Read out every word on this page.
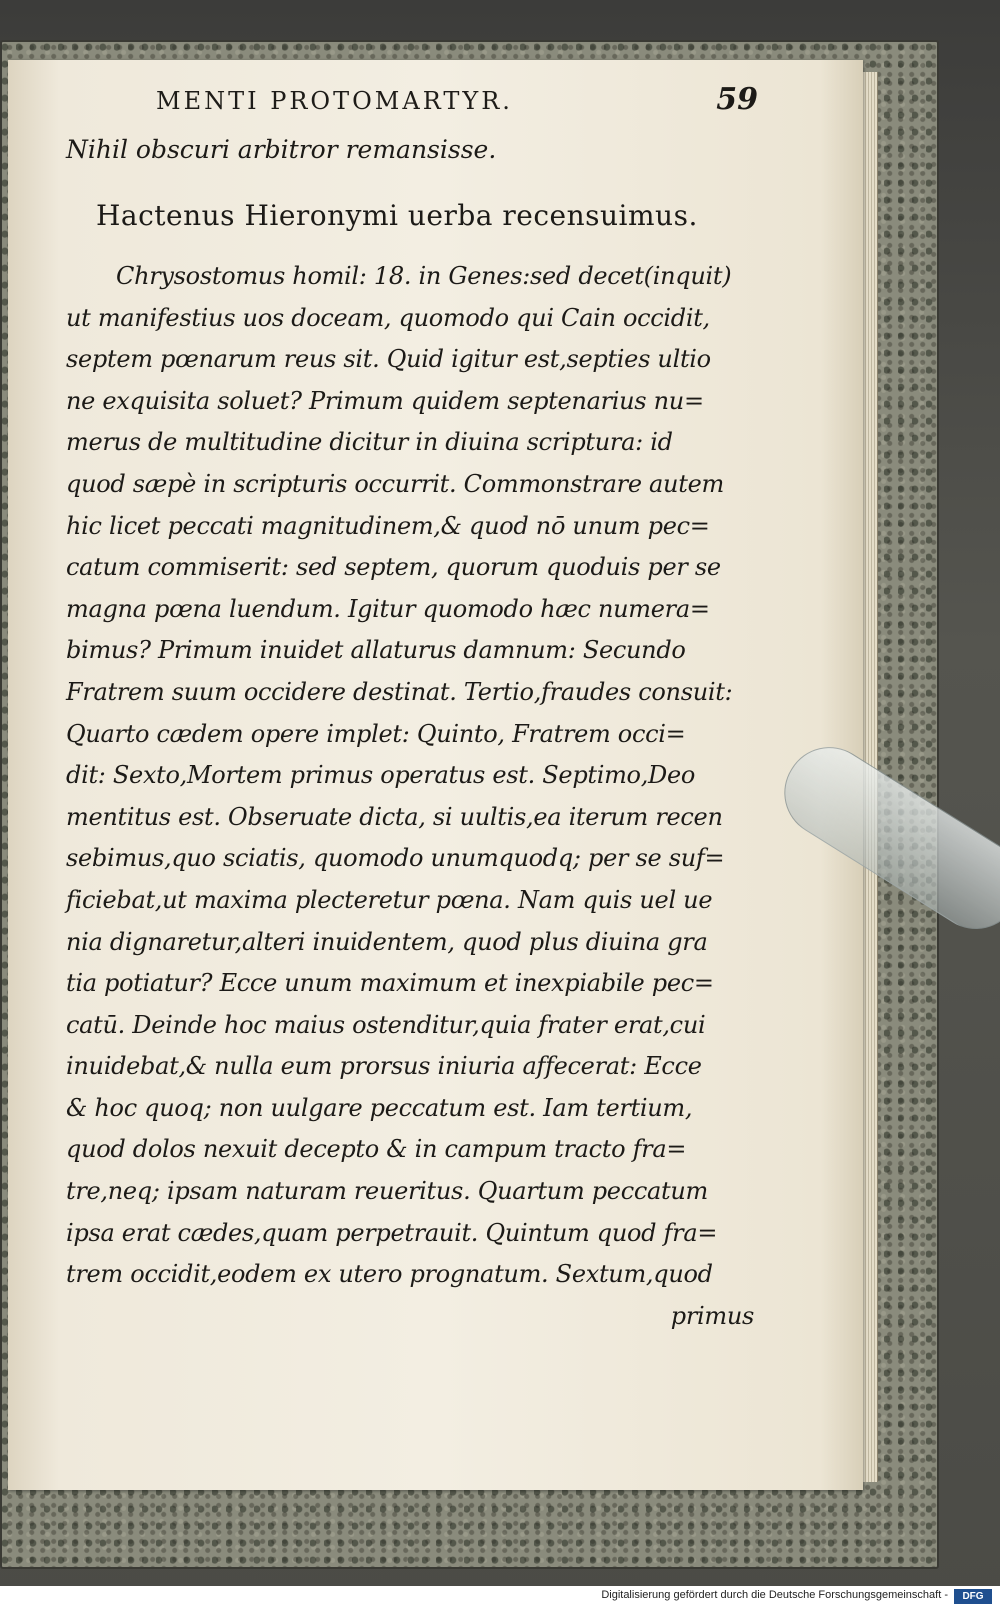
MENTI PROTOMARTYR.	59
Nihil obscuri arbitror remansisse.
Hactenus Hieronymi uerba recensuimus.
Chrysostomus homil: 18. in Genes:sed decet(inquit)
ut manifestius uos doceam, quomodo qui Cain occidit,
septem pœnarum reus sit. Quid igitur est,septies ultio
ne exquisita soluet? Primum quidem septenarius nu=
merus de multitudine dicitur in diuina scriptura: id
quod sæpè in scripturis occurrit. Commonstrare autem
hic licet peccati magnitudinem,& quod nō unum pec=
catum commiserit: sed septem, quorum quoduis per se
magna pœna luendum. Igitur quomodo hæc numera=
bimus? Primum inuidet allaturus damnum: Secundo
Fratrem suum occidere destinat. Tertio,fraudes consuit:
Quarto cædem opere implet: Quinto, Fratrem occi=
dit: Sexto,Mortem primus operatus est. Septimo,Deo
mentitus est. Obseruate dicta, si uultis,ea iterum recen
sebimus,quo sciatis, quomodo unumquodq; per se suf=
ficiebat,ut maxima plecteretur pœna. Nam quis uel ue
nia dignaretur,alteri inuidentem, quod plus diuina gra
tia potiatur? Ecce unum maximum et inexpiabile pec=
catū. Deinde hoc maius ostenditur,quia frater erat,cui
inuidebat,& nulla eum prorsus iniuria affecerat: Ecce
& hoc quoq; non uulgare peccatum est. Iam tertium,
quod dolos nexuit decepto & in campum tracto fra=
tre,neq; ipsam naturam reueritus. Quartum peccatum
ipsa erat cædes,quam perpetrauit. Quintum quod fra=
trem occidit,eodem ex utero prognatum. Sextum,quod
primus
Digitalisierung gefördert durch die Deutsche Forschungsgemeinschaft -	DFG
